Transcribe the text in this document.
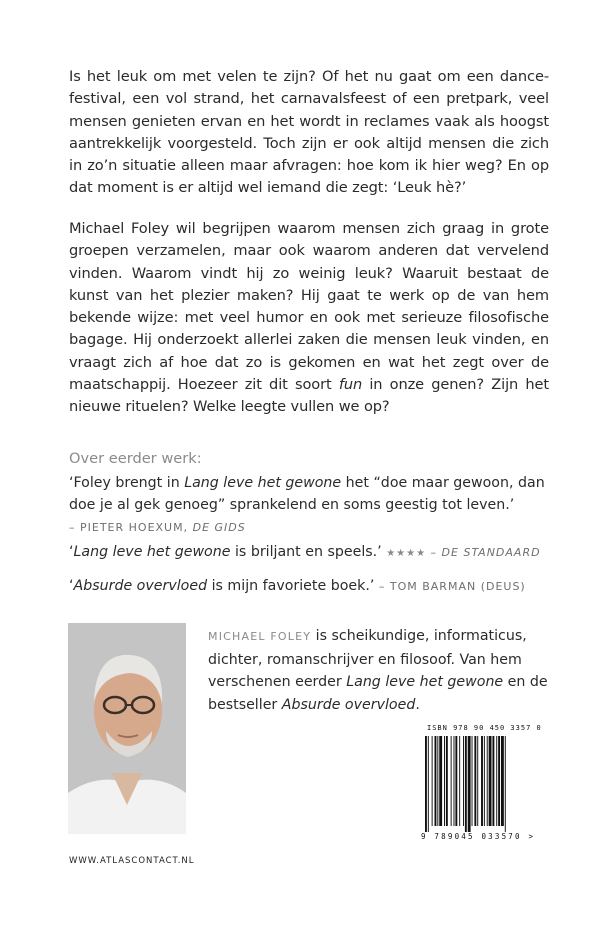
Is het leuk om met velen te zijn? Of het nu gaat om een dance-festival, een vol strand, het carnavalsfeest of een pretpark, veel mensen genieten ervan en het wordt in reclames vaak als hoogst aantrekkelijk voorgesteld. Toch zijn er ook altijd mensen die zich in zo’n situatie alleen maar afvragen: hoe kom ik hier weg? En op dat moment is er altijd wel iemand die zegt: ‘Leuk hè?’

Michael Foley wil begrijpen waarom mensen zich graag in grote groepen verzamelen, maar ook waarom anderen dat vervelend vinden. Waarom vindt hij zo weinig leuk? Waaruit bestaat de kunst van het plezier maken? Hij gaat te werk op de van hem bekende wijze: met veel humor en ook met serieuze filosofische bagage. Hij onderzoekt allerlei zaken die mensen leuk vinden, en vraagt zich af hoe dat zo is gekomen en wat het zegt over de maatschappij. Hoezeer zit dit soort fun in onze genen? Zijn het nieuwe rituelen? Welke leegte vullen we op?

Over eerder werk:

‘Foley brengt in Lang leve het gewone het “doe maar gewoon, dan doe je al gek genoeg” sprankelend en soms geestig tot leven.’
– PIETER HOEXUM, DE GIDS

‘Lang leve het gewone is briljant en speels.’ ★★★★ – DE STANDAARD

‘Absurde overvloed is mijn favoriete boek.’ – TOM BARMAN (DEUS)

MICHAEL FOLEY is scheikundige, informaticus, dichter, romanschrijver en filosoof. Van hem verschenen eerder Lang leve het gewone en de bestseller Absurde overvloed.

ISBN 978 90 450 3357 0
9 789045 033570 >

WWW.ATLASCONTACT.NL
